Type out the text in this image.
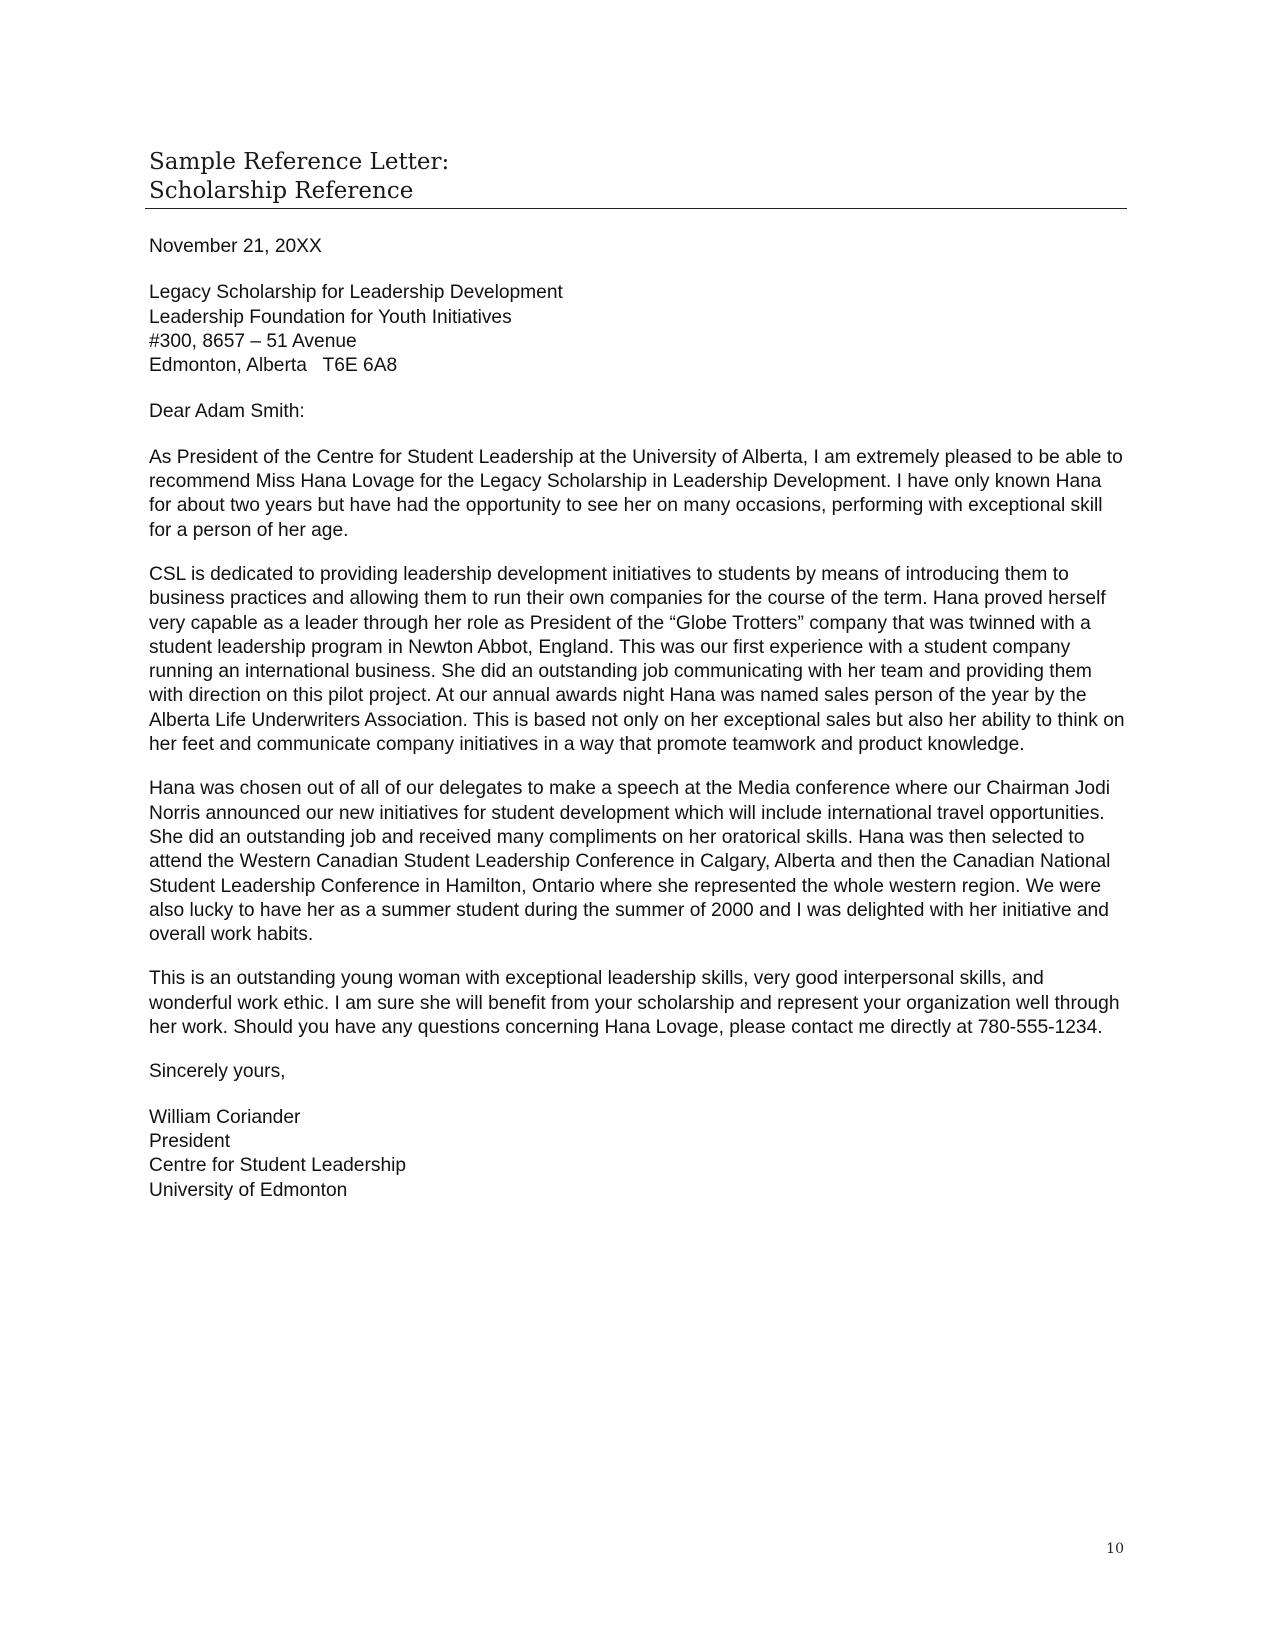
Sample Reference Letter:
Scholarship Reference

November 21, 20XX

Legacy Scholarship for Leadership Development
Leadership Foundation for Youth Initiatives
#300, 8657 – 51 Avenue
Edmonton, Alberta   T6E 6A8

Dear Adam Smith:

As President of the Centre for Student Leadership at the University of Alberta, I am extremely pleased to be able to recommend Miss Hana Lovage for the Legacy Scholarship in Leadership Development. I have only known Hana for about two years but have had the opportunity to see her on many occasions, performing with exceptional skill for a person of her age.

CSL is dedicated to providing leadership development initiatives to students by means of introducing them to business practices and allowing them to run their own companies for the course of the term. Hana proved herself very capable as a leader through her role as President of the “Globe Trotters” company that was twinned with a student leadership program in Newton Abbot, England. This was our first experience with a student company running an international business. She did an outstanding job communicating with her team and providing them with direction on this pilot project. At our annual awards night Hana was named sales person of the year by the Alberta Life Underwriters Association. This is based not only on her exceptional sales but also her ability to think on her feet and communicate company initiatives in a way that promote teamwork and product knowledge.

Hana was chosen out of all of our delegates to make a speech at the Media conference where our Chairman Jodi Norris announced our new initiatives for student development which will include international travel opportunities. She did an outstanding job and received many compliments on her oratorical skills. Hana was then selected to attend the Western Canadian Student Leadership Conference in Calgary, Alberta and then the Canadian National Student Leadership Conference in Hamilton, Ontario where she represented the whole western region. We were also lucky to have her as a summer student during the summer of 2000 and I was delighted with her initiative and overall work habits.

This is an outstanding young woman with exceptional leadership skills, very good interpersonal skills, and wonderful work ethic. I am sure she will benefit from your scholarship and represent your organization well through her work. Should you have any questions concerning Hana Lovage, please contact me directly at 780-555-1234.

Sincerely yours,

William Coriander
President
Centre for Student Leadership
University of Edmonton
10
